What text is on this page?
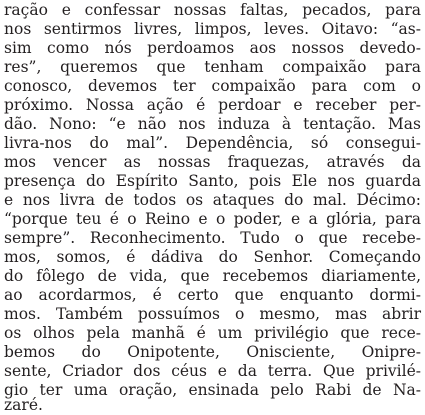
ração e confessar nossas faltas, pecados, para
nos sentirmos livres, limpos, leves. Oitavo: “as-
sim como nós perdoamos aos nossos devedo-
res”, queremos que tenham compaixão para
conosco, devemos ter compaixão para com o
próximo. Nossa ação é perdoar e receber per-
dão. Nono: “e não nos induza à tentação. Mas
livra-nos do mal”. Dependência, só consegui-
mos vencer as nossas fraquezas, através da
presença do Espírito Santo, pois Ele nos guarda
e nos livra de todos os ataques do mal. Décimo:
“porque teu é o Reino e o poder, e a glória, para
sempre”. Reconhecimento. Tudo o que recebe-
mos, somos, é dádiva do Senhor. Começando
do fôlego de vida, que recebemos diariamente,
ao acordarmos, é certo que enquanto dormi-
mos. Também possuímos o mesmo, mas abrir
os olhos pela manhã é um privilégio que rece-
bemos do Onipotente, Onisciente, Onipre-
sente, Criador dos céus e da terra. Que privilé-
gio ter uma oração, ensinada pelo Rabi de Na-
zaré.
